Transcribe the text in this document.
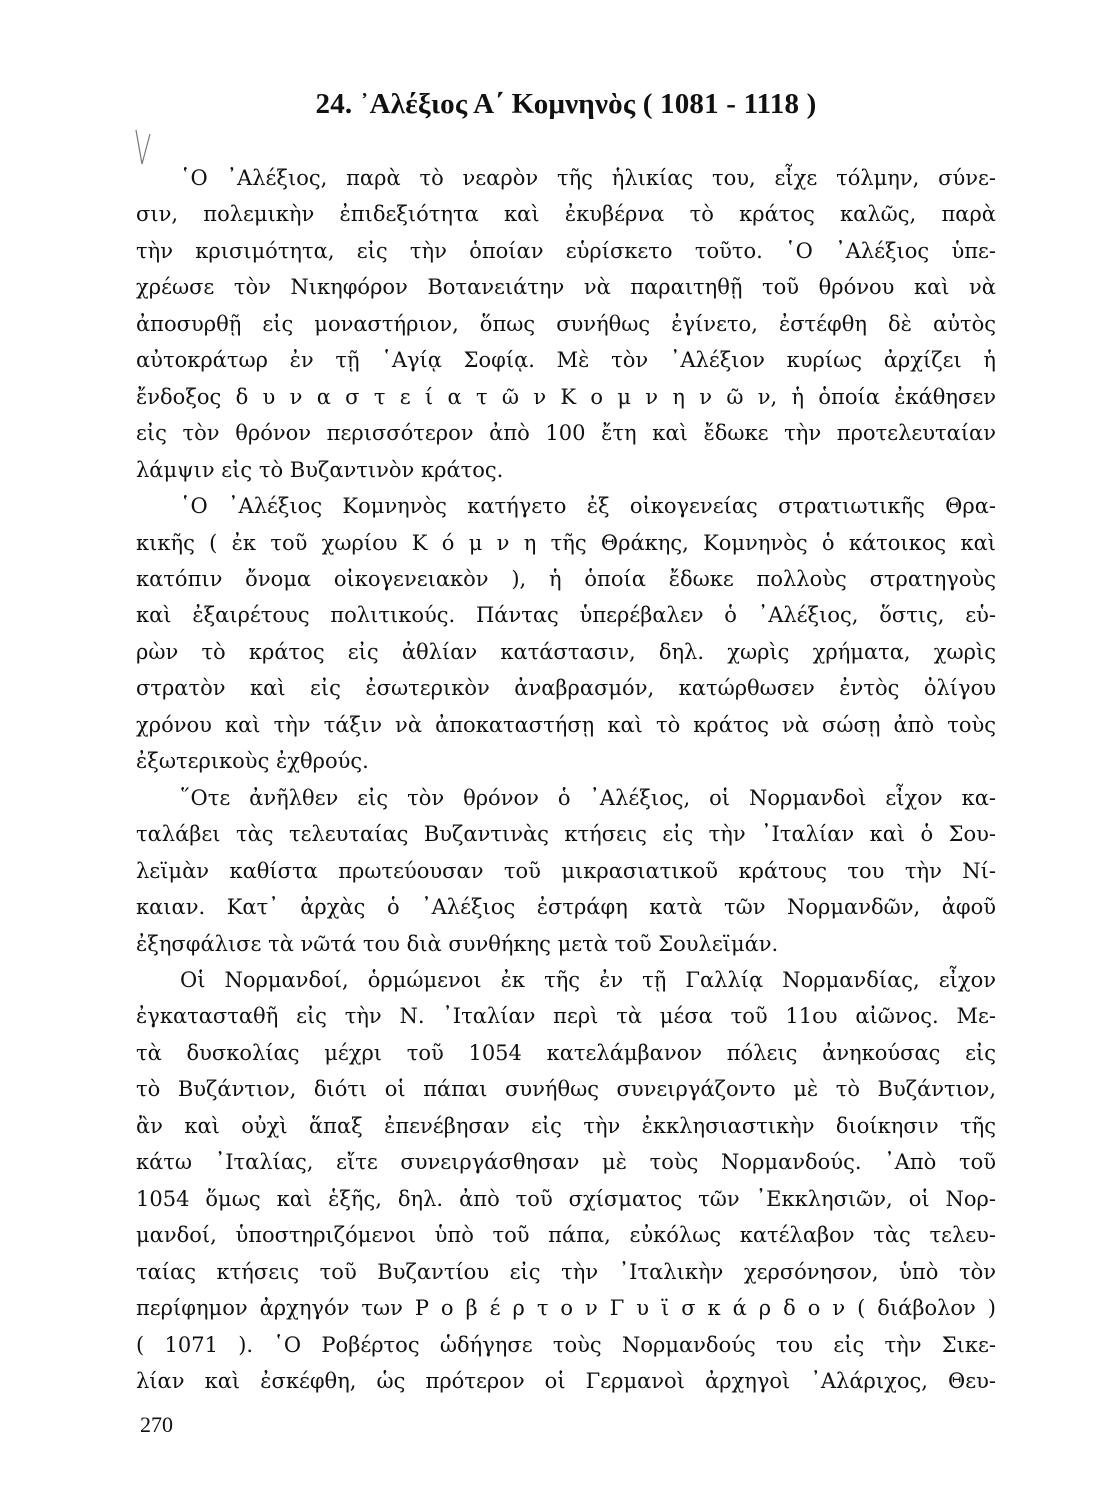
24. ᾽Αλέξιος Α΄ Κομνηνὸς ( 1081 - 1118 )
῾Ο ᾽Αλέξιος, παρὰ τὸ νεαρὸν τῆς ἡλικίας του, εἶχε τόλμην, σύνε-
σιν, πολεμικὴν ἐπιδεξιότητα καὶ ἐκυβέρνα τὸ κράτος καλῶς, παρὰ
τὴν κρισιμότητα, εἰς τὴν ὁποίαν εὑρίσκετο τοῦτο. ῾Ο ᾽Αλέξιος ὑπε-
χρέωσε τὸν Νικηφόρον Βοτανειάτην νὰ παραιτηθῇ τοῦ θρόνου καὶ νὰ
ἀποσυρθῇ εἰς μοναστήριον, ὅπως συνήθως ἐγίνετο, ἐστέφθη δὲ αὐτὸς
αὐτοκράτωρ ἐν τῇ ῾Αγίᾳ Σοφίᾳ. Μὲ τὸν ᾽Αλέξιον κυρίως ἀρχίζει ἡ
ἔνδοξος δ υ ν α σ τ ε ί α τ ῶ ν Κ ο μ ν η ν ῶ ν, ἡ ὁποία ἐκάθησεν
εἰς τὸν θρόνον περισσότερον ἀπὸ 100 ἔτη καὶ ἔδωκε τὴν προτελευταίαν
λάμψιν εἰς τὸ Βυζαντινὸν κράτος.
῾Ο ᾽Αλέξιος Κομνηνὸς κατήγετο ἐξ οἰκογενείας στρατιωτικῆς Θρα-
κικῆς ( ἐκ τοῦ χωρίου Κ ό μ ν η τῆς Θράκης, Κομνηνὸς ὁ κάτοικος καὶ
κατόπιν ὄνομα οἰκογενειακὸν ), ἡ ὁποία ἔδωκε πολλοὺς στρατηγοὺς
καὶ ἐξαιρέτους πολιτικούς. Πάντας ὑπερέβαλεν ὁ ᾽Αλέξιος, ὅστις, εὑ-
ρὼν τὸ κράτος εἰς ἀθλίαν κατάστασιν, δηλ. χωρὶς χρήματα, χωρὶς
στρατὸν καὶ εἰς ἐσωτερικὸν ἀναβρασμόν, κατώρθωσεν ἐντὸς ὀλίγου
χρόνου καὶ τὴν τάξιν νὰ ἀποκαταστήσῃ καὶ τὸ κράτος νὰ σώσῃ ἀπὸ τοὺς
ἐξωτερικοὺς ἐχθρούς.
῞Οτε ἀνῆλθεν εἰς τὸν θρόνον ὁ ᾽Αλέξιος, οἱ Νορμανδοὶ εἶχον κα-
ταλάβει τὰς τελευταίας Βυζαντινὰς κτήσεις εἰς τὴν ᾽Ιταλίαν καὶ ὁ Σου-
λεϊμὰν καθίστα πρωτεύουσαν τοῦ μικρασιατικοῦ κράτους του τὴν Νί-
καιαν. Κατ᾽ ἀρχὰς ὁ ᾽Αλέξιος ἐστράφη κατὰ τῶν Νορμανδῶν, ἀφοῦ
ἐξησφάλισε τὰ νῶτά του διὰ συνθήκης μετὰ τοῦ Σουλεϊμάν.
Οἱ Νορμανδοί, ὁρμώμενοι ἐκ τῆς ἐν τῇ Γαλλίᾳ Νορμανδίας, εἶχον
ἐγκατασταθῆ εἰς τὴν Ν. ᾽Ιταλίαν περὶ τὰ μέσα τοῦ 11ου αἰῶνος. Με-
τὰ δυσκολίας μέχρι τοῦ 1054 κατελάμβανον πόλεις ἀνηκούσας εἰς
τὸ Βυζάντιον, διότι οἱ πάπαι συνήθως συνειργάζοντο μὲ τὸ Βυζάντιον,
ἂν καὶ οὐχὶ ἅπαξ ἐπενέβησαν εἰς τὴν ἐκκλησιαστικὴν διοίκησιν τῆς
κάτω ᾽Ιταλίας, εἴτε συνειργάσθησαν μὲ τοὺς Νορμανδούς. ᾽Απὸ τοῦ
1054 ὅμως καὶ ἑξῆς, δηλ. ἀπὸ τοῦ σχίσματος τῶν ᾽Εκκλησιῶν, οἱ Νορ-
μανδοί, ὑποστηριζόμενοι ὑπὸ τοῦ πάπα, εὐκόλως κατέλαβον τὰς τελευ-
ταίας κτήσεις τοῦ Βυζαντίου εἰς τὴν ᾽Ιταλικὴν χερσόνησον, ὑπὸ τὸν
περίφημον ἀρχηγόν των Ρ ο β έ ρ τ ο ν Γ υ ϊ σ κ ά ρ δ ο ν ( διάβολον )
( 1071 ). ῾Ο Ροβέρτος ὡδήγησε τοὺς Νορμανδούς του εἰς τὴν Σικε-
λίαν καὶ ἐσκέφθη, ὡς πρότερον οἱ Γερμανοὶ ἀρχηγοὶ ᾽Αλάριχος, Θευ-
270
